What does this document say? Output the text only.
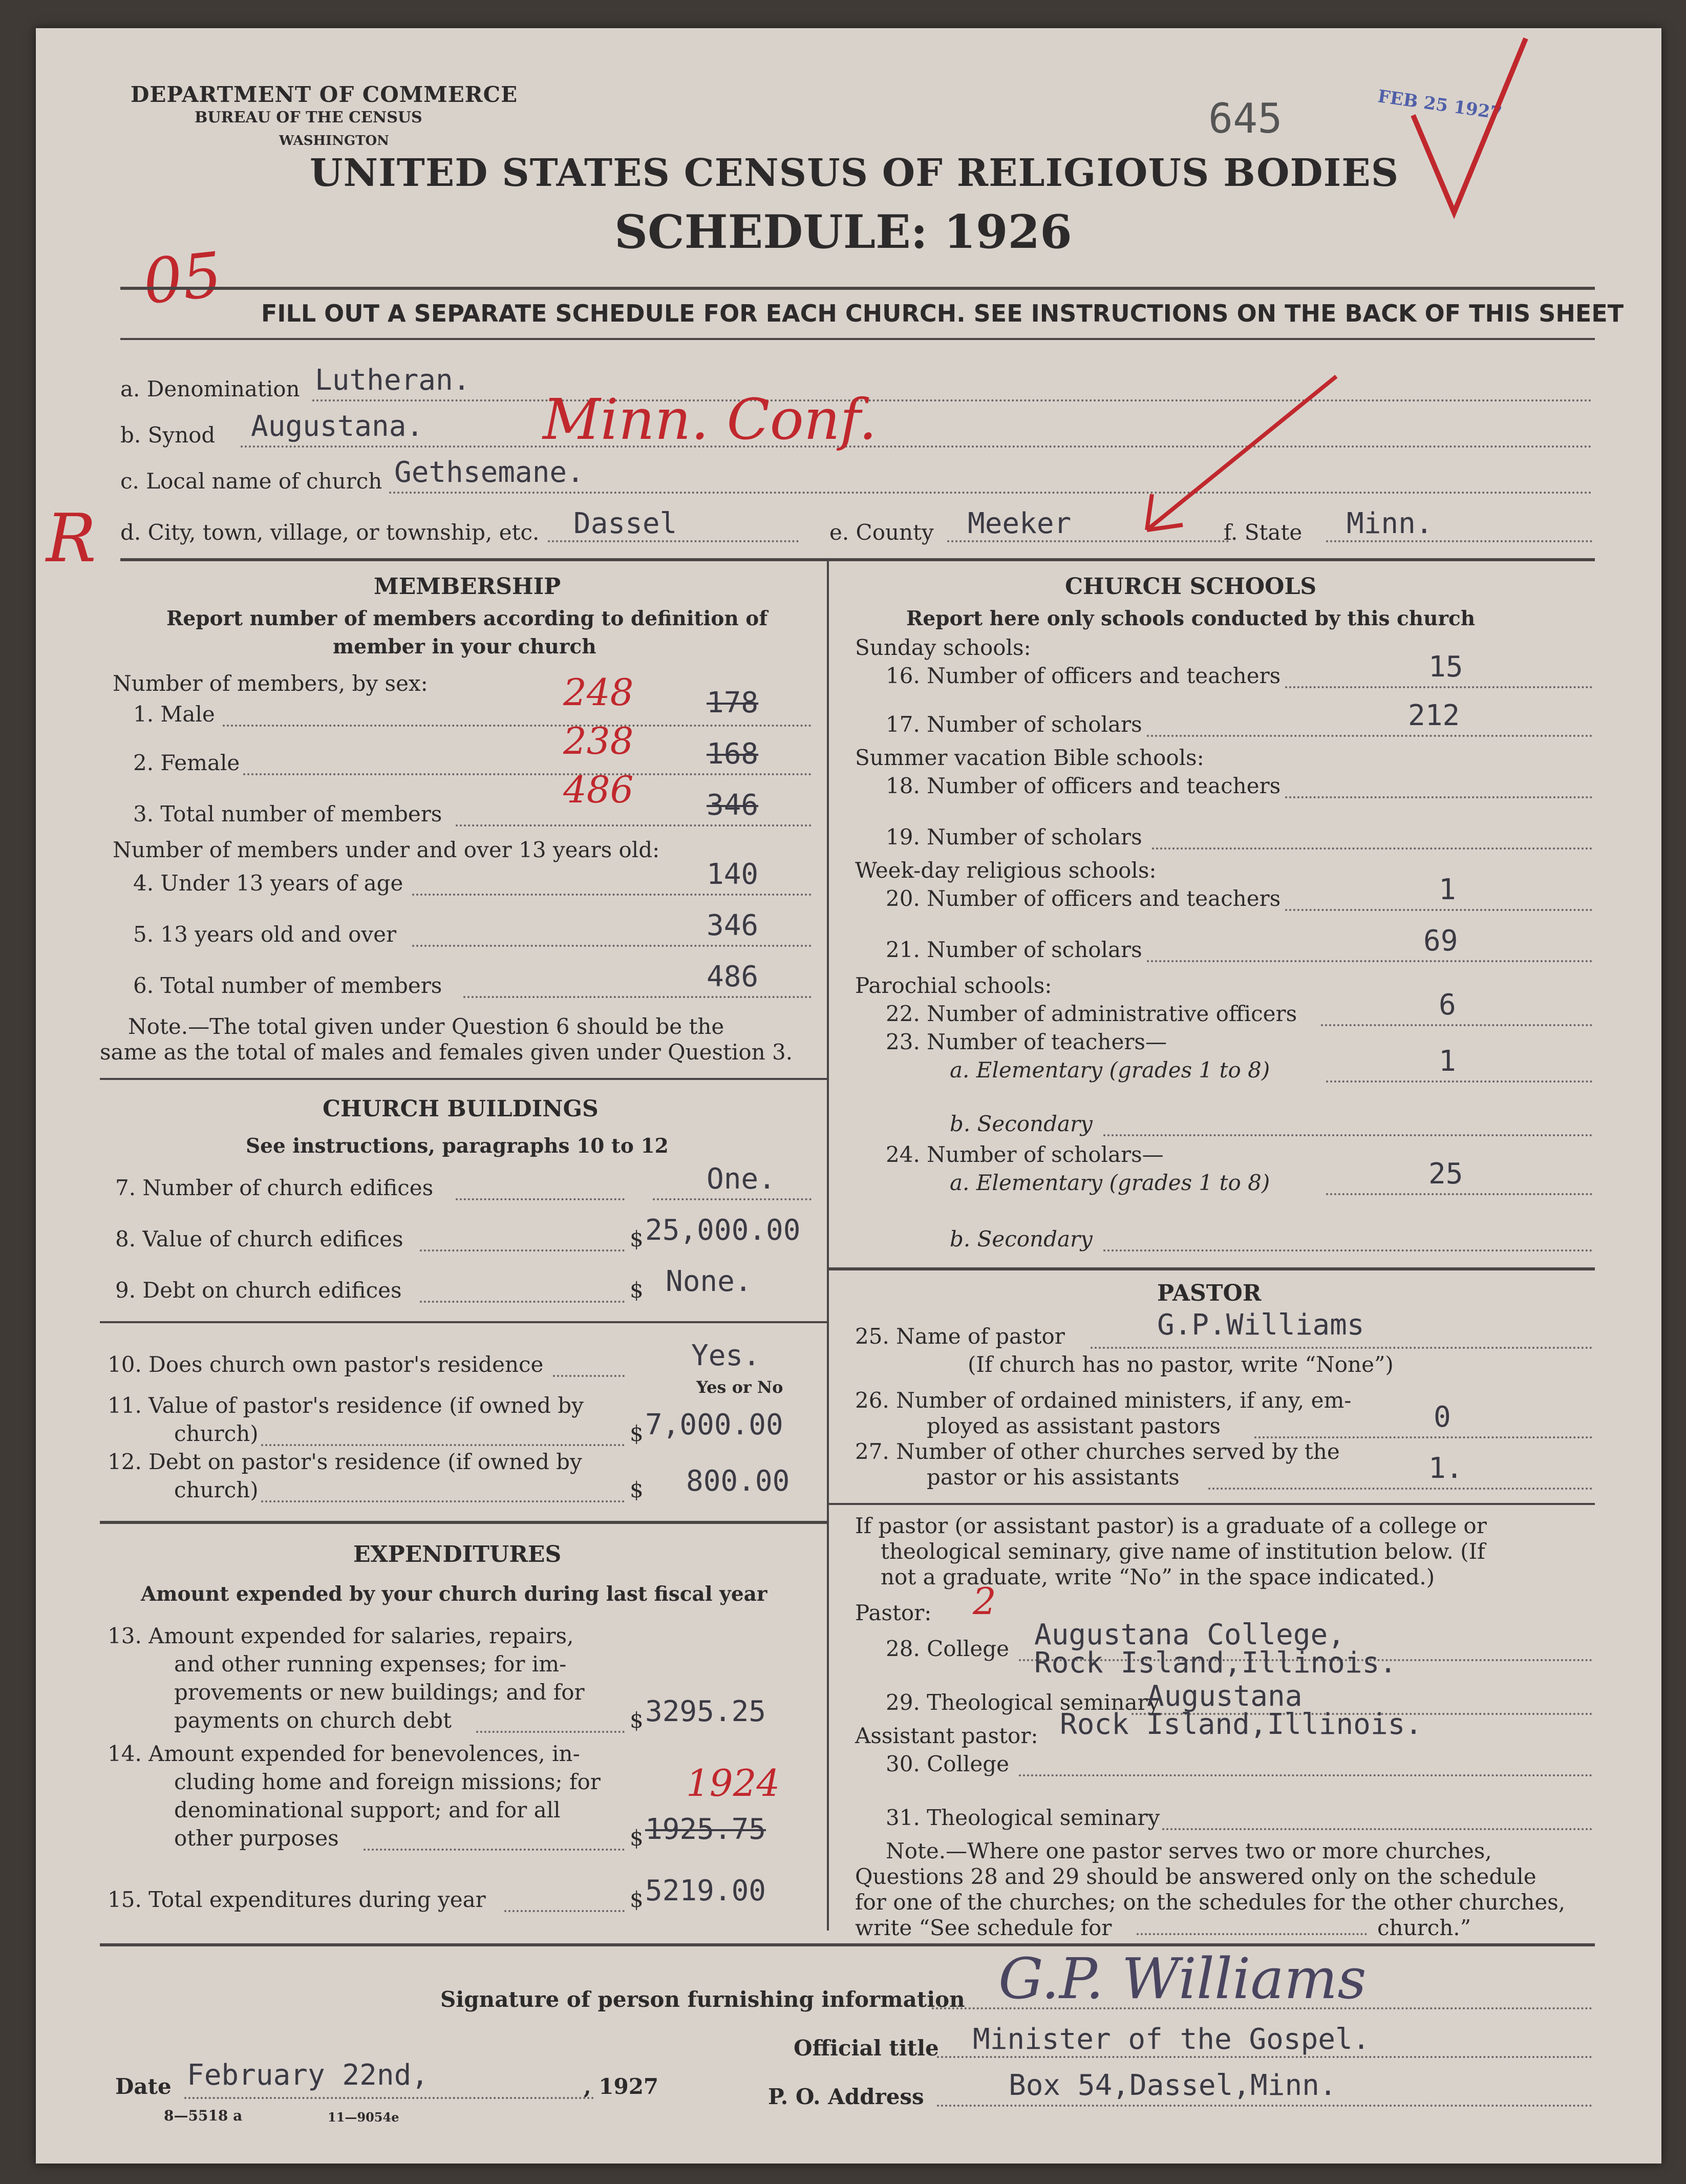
DEPARTMENT OF COMMERCE
BUREAU OF THE CENSUS
WASHINGTON
UNITED STATES CENSUS OF RELIGIOUS BODIES
SCHEDULE: 1926
645	FEB 25 1927
05
R
FILL OUT A SEPARATE SCHEDULE FOR EACH CHURCH. SEE INSTRUCTIONS ON THE BACK OF THIS SHEET
a. Denomination Lutheran.
b. Synod Augustana. Minn. Conf.
c. Local name of church Gethsemane.
d. City, town, village, or township, etc. Dassel	e. County Meeker	f. State Minn.
MEMBERSHIP
Report number of members according to definition of
member in your church
Number of members, by sex:
1. Male
248	178
2. Female
238	168
3. Total number of members
486	346
Number of members under and over 13 years old:
4. Under 13 years of age	140
5. 13 years old and over	346
6. Total number of members	486
Note.—The total given under Question 6 should be the
same as the total of males and females given under Question 3.
CHURCH BUILDINGS
See instructions, paragraphs 10 to 12
7. Number of church edifices	One.
8. Value of church edifices	$ 25,000.00
9. Debt on church edifices	$ None.
10. Does church own pastor's residence	Yes.
Yes or No
11. Value of pastor's residence (if owned by
church)	$ 7,000.00
12. Debt on pastor's residence (if owned by
church)	$ 800.00
EXPENDITURES
Amount expended by your church during last fiscal year
13. Amount expended for salaries, repairs,
and other running expenses; for im-
provements or new buildings; and for
payments on church debt	$ 3295.25
14. Amount expended for benevolences, in-
cluding home and foreign missions; for
denominational support; and for all
other purposes
1924
$ 1925.75
15. Total expenditures during year	$ 5219.00
CHURCH SCHOOLS
Report here only schools conducted by this church
Sunday schools:
16. Number of officers and teachers	15
17. Number of scholars	212
Summer vacation Bible schools:
18. Number of officers and teachers
19. Number of scholars
Week-day religious schools:
20. Number of officers and teachers	1
21. Number of scholars	69
Parochial schools:
22. Number of administrative officers	6
23. Number of teachers—
a. Elementary (grades 1 to 8)	1
b. Secondary
24. Number of scholars—
a. Elementary (grades 1 to 8)	25
b. Secondary
PASTOR
25. Name of pastor	G.P.Williams
(If church has no pastor, write “None”)
26. Number of ordained ministers, if any, em-
ployed as assistant pastors	0
27. Number of other churches served by the
pastor or his assistants	1.
If pastor (or assistant pastor) is a graduate of a college or
theological seminary, give name of institution below. (If
not a graduate, write “No” in the space indicated.)
Pastor: 2
28. College Augustana College,
Rock Island,Illinois.
29. Theological seminary
Augustana
Rock Island,Illinois.
Assistant pastor:
30. College
31. Theological seminary
Note.—Where one pastor serves two or more churches,
Questions 28 and 29 should be answered only on the schedule
for one of the churches; on the schedules for the other churches,
write “See schedule for	church.”
Signature of person furnishing information G.P. Williams
Official title Minister of the Gospel.
Date February 22nd,	, 1927	P. O. Address	Box 54,Dassel,Minn.
8—5518 a	11—9054e
